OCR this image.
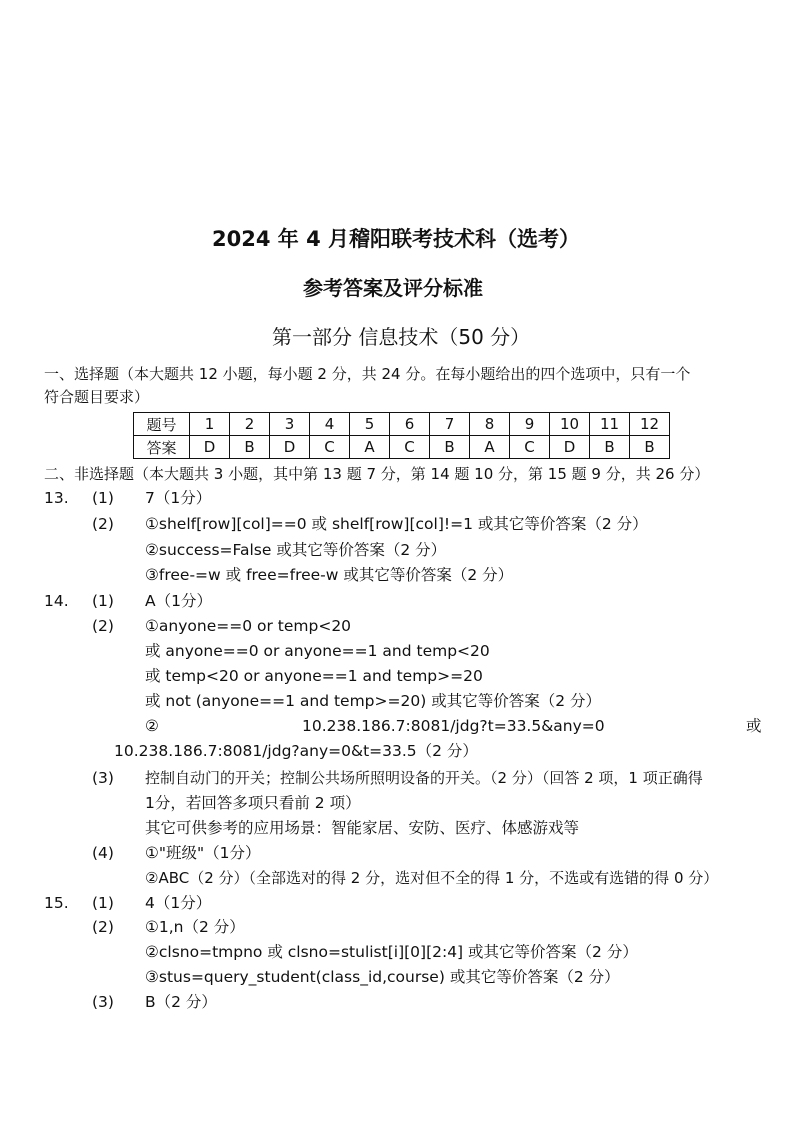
2024 年 4 月稽阳联考技术科（选考）
参考答案及评分标准
第一部分 信息技术（50 分）
一、选择题（本大题共 12 小题，每小题 2 分，共 24 分。在每小题给出的四个选项中，只有一个
符合题目要求）
题号	1	2	3	4	5	6	7	8	9	10	11	12
答案	D	B	D	C	A	C	B	A	C	D	B	B
二、非选择题（本大题共 3 小题，其中第 13 题 7 分，第 14 题 10 分，第 15 题 9 分，共 26 分）
13. (1) 7（1分）
(2) ①shelf[row][col]==0 或 shelf[row][col]!=1 或其它等价答案（2 分）
②success=False 或其它等价答案（2 分）
③free-=w 或 free=free-w 或其它等价答案（2 分）
14. (1) A（1分）
(2) ①anyone==0 or temp<20
或 anyone==0 or anyone==1 and temp<20
或 temp<20 or anyone==1 and temp>=20
或 not (anyone==1 and temp>=20) 或其它等价答案（2 分）
②	10.238.186.7:8081/jdg?t=33.5&any=0	或
10.238.186.7:8081/jdg?any=0&t=33.5（2 分）
(3) 控制自动门的开关；控制公共场所照明设备的开关。（2 分）（回答 2 项，1 项正确得
1分，若回答多项只看前 2 项）
其它可供参考的应用场景：智能家居、安防、医疗、体感游戏等
(4) ①"班级"（1分）
②ABC（2 分）（全部选对的得 2 分，选对但不全的得 1 分，不选或有选错的得 0 分）
15. (1) 4（1分）
(2) ①1,n（2 分）
②clsno=tmpno 或 clsno=stulist[i][0][2:4] 或其它等价答案（2 分）
③stus=query_student(class_id,course) 或其它等价答案（2 分）
(3) B（2 分）
